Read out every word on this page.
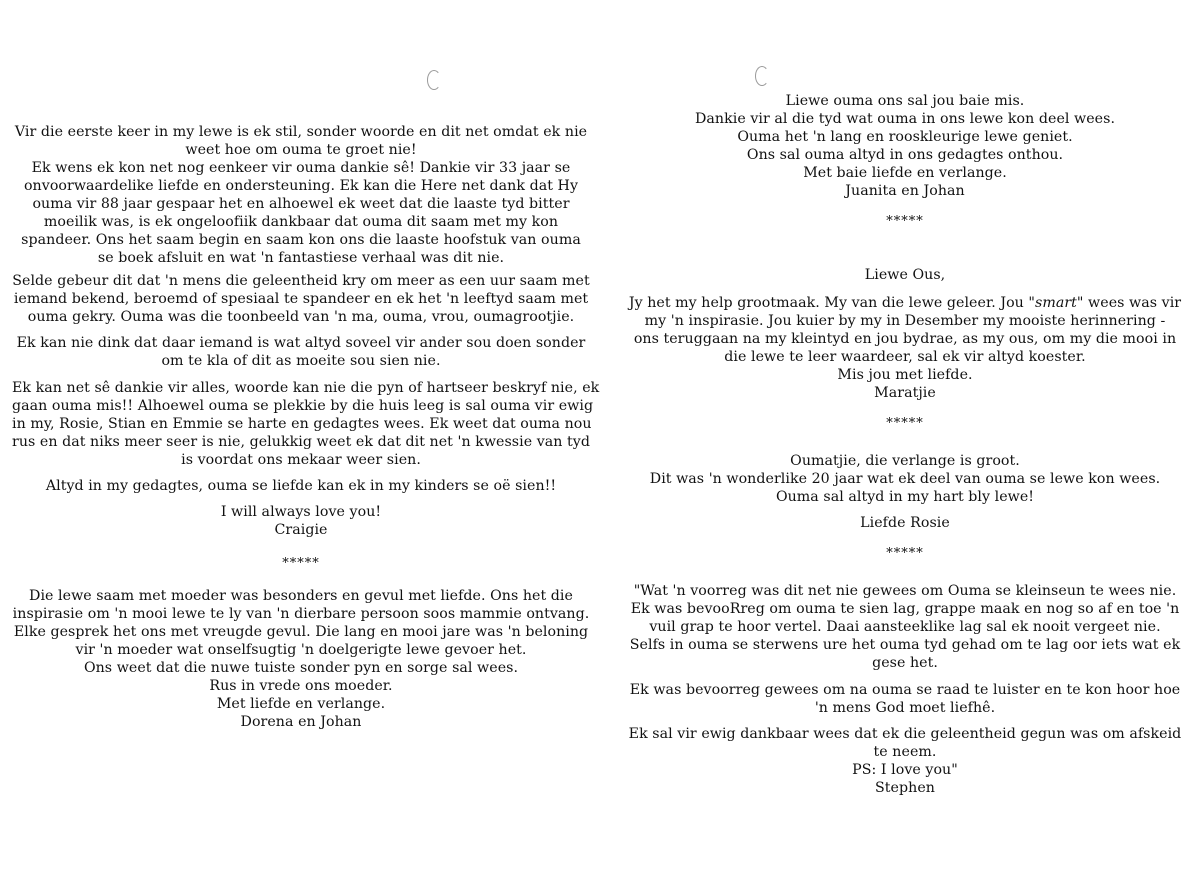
Vir die eerste keer in my lewe is ek stil, sonder woorde en dit net omdat ek nie
weet hoe om ouma te groet nie!
Ek wens ek kon net nog eenkeer vir ouma dankie sê! Dankie vir 33 jaar se
onvoorwaardelike liefde en ondersteuning. Ek kan die Here net dank dat Hy
ouma vir 88 jaar gespaar het en alhoewel ek weet dat die laaste tyd bitter
moeilik was, is ek ongeloofiik dankbaar dat ouma dit saam met my kon
spandeer. Ons het saam begin en saam kon ons die laaste hoofstuk van ouma
se boek afsluit en wat 'n fantastiese verhaal was dit nie.
Selde gebeur dit dat 'n mens die geleentheid kry om meer as een uur saam met
iemand bekend, beroemd of spesiaal te spandeer en ek het 'n leeftyd saam met
ouma gekry. Ouma was die toonbeeld van 'n ma, ouma, vrou, oumagrootjie.
Ek kan nie dink dat daar iemand is wat altyd soveel vir ander sou doen sonder
om te kla of dit as moeite sou sien nie.
Ek kan net sê dankie vir alles, woorde kan nie die pyn of hartseer beskryf nie, ek
gaan ouma mis!! Alhoewel ouma se plekkie by die huis leeg is sal ouma vir ewig
in my, Rosie, Stian en Emmie se harte en gedagtes wees. Ek weet dat ouma nou
rus en dat niks meer seer is nie, gelukkig weet ek dat dit net 'n kwessie van tyd
is voordat ons mekaar weer sien.
Altyd in my gedagtes, ouma se liefde kan ek in my kinders se oë sien!!
I will always love you!
Craigie
*****
Die lewe saam met moeder was besonders en gevul met liefde. Ons het die
inspirasie om 'n mooi lewe te ly van 'n dierbare persoon soos mammie ontvang.
Elke gesprek het ons met vreugde gevul. Die lang en mooi jare was 'n beloning
vir 'n moeder wat onselfsugtig 'n doelgerigte lewe gevoer het.
Ons weet dat die nuwe tuiste sonder pyn en sorge sal wees.
Rus in vrede ons moeder.
Met liefde en verlange.
Dorena en Johan
Liewe ouma ons sal jou baie mis.
Dankie vir al die tyd wat ouma in ons lewe kon deel wees.
Ouma het 'n lang en rooskleurige lewe geniet.
Ons sal ouma altyd in ons gedagtes onthou.
Met baie liefde en verlange.
Juanita en Johan
*****
Liewe Ous,
Jy het my help grootmaak. My van die lewe geleer. Jou "smart" wees was vir
my 'n inspirasie. Jou kuier by my in Desember my mooiste herinnering -
ons teruggaan na my kleintyd en jou bydrae, as my ous, om my die mooi in
die lewe te leer waardeer, sal ek vir altyd koester.
Mis jou met liefde.
Maratjie
*****
Oumatjie, die verlange is groot.
Dit was 'n wonderlike 20 jaar wat ek deel van ouma se lewe kon wees.
Ouma sal altyd in my hart bly lewe!
Liefde Rosie
*****
"Wat 'n voorreg was dit net nie gewees om Ouma se kleinseun te wees nie.
Ek was bevooRreg om ouma te sien lag, grappe maak en nog so af en toe 'n
vuil grap te hoor vertel. Daai aansteeklike lag sal ek nooit vergeet nie.
Selfs in ouma se sterwens ure het ouma tyd gehad om te lag oor iets wat ek
gese het.
Ek was bevoorreg gewees om na ouma se raad te luister en te kon hoor hoe
'n mens God moet liefhê.
Ek sal vir ewig dankbaar wees dat ek die geleentheid gegun was om afskeid
te neem.
PS: I love you"
Stephen
